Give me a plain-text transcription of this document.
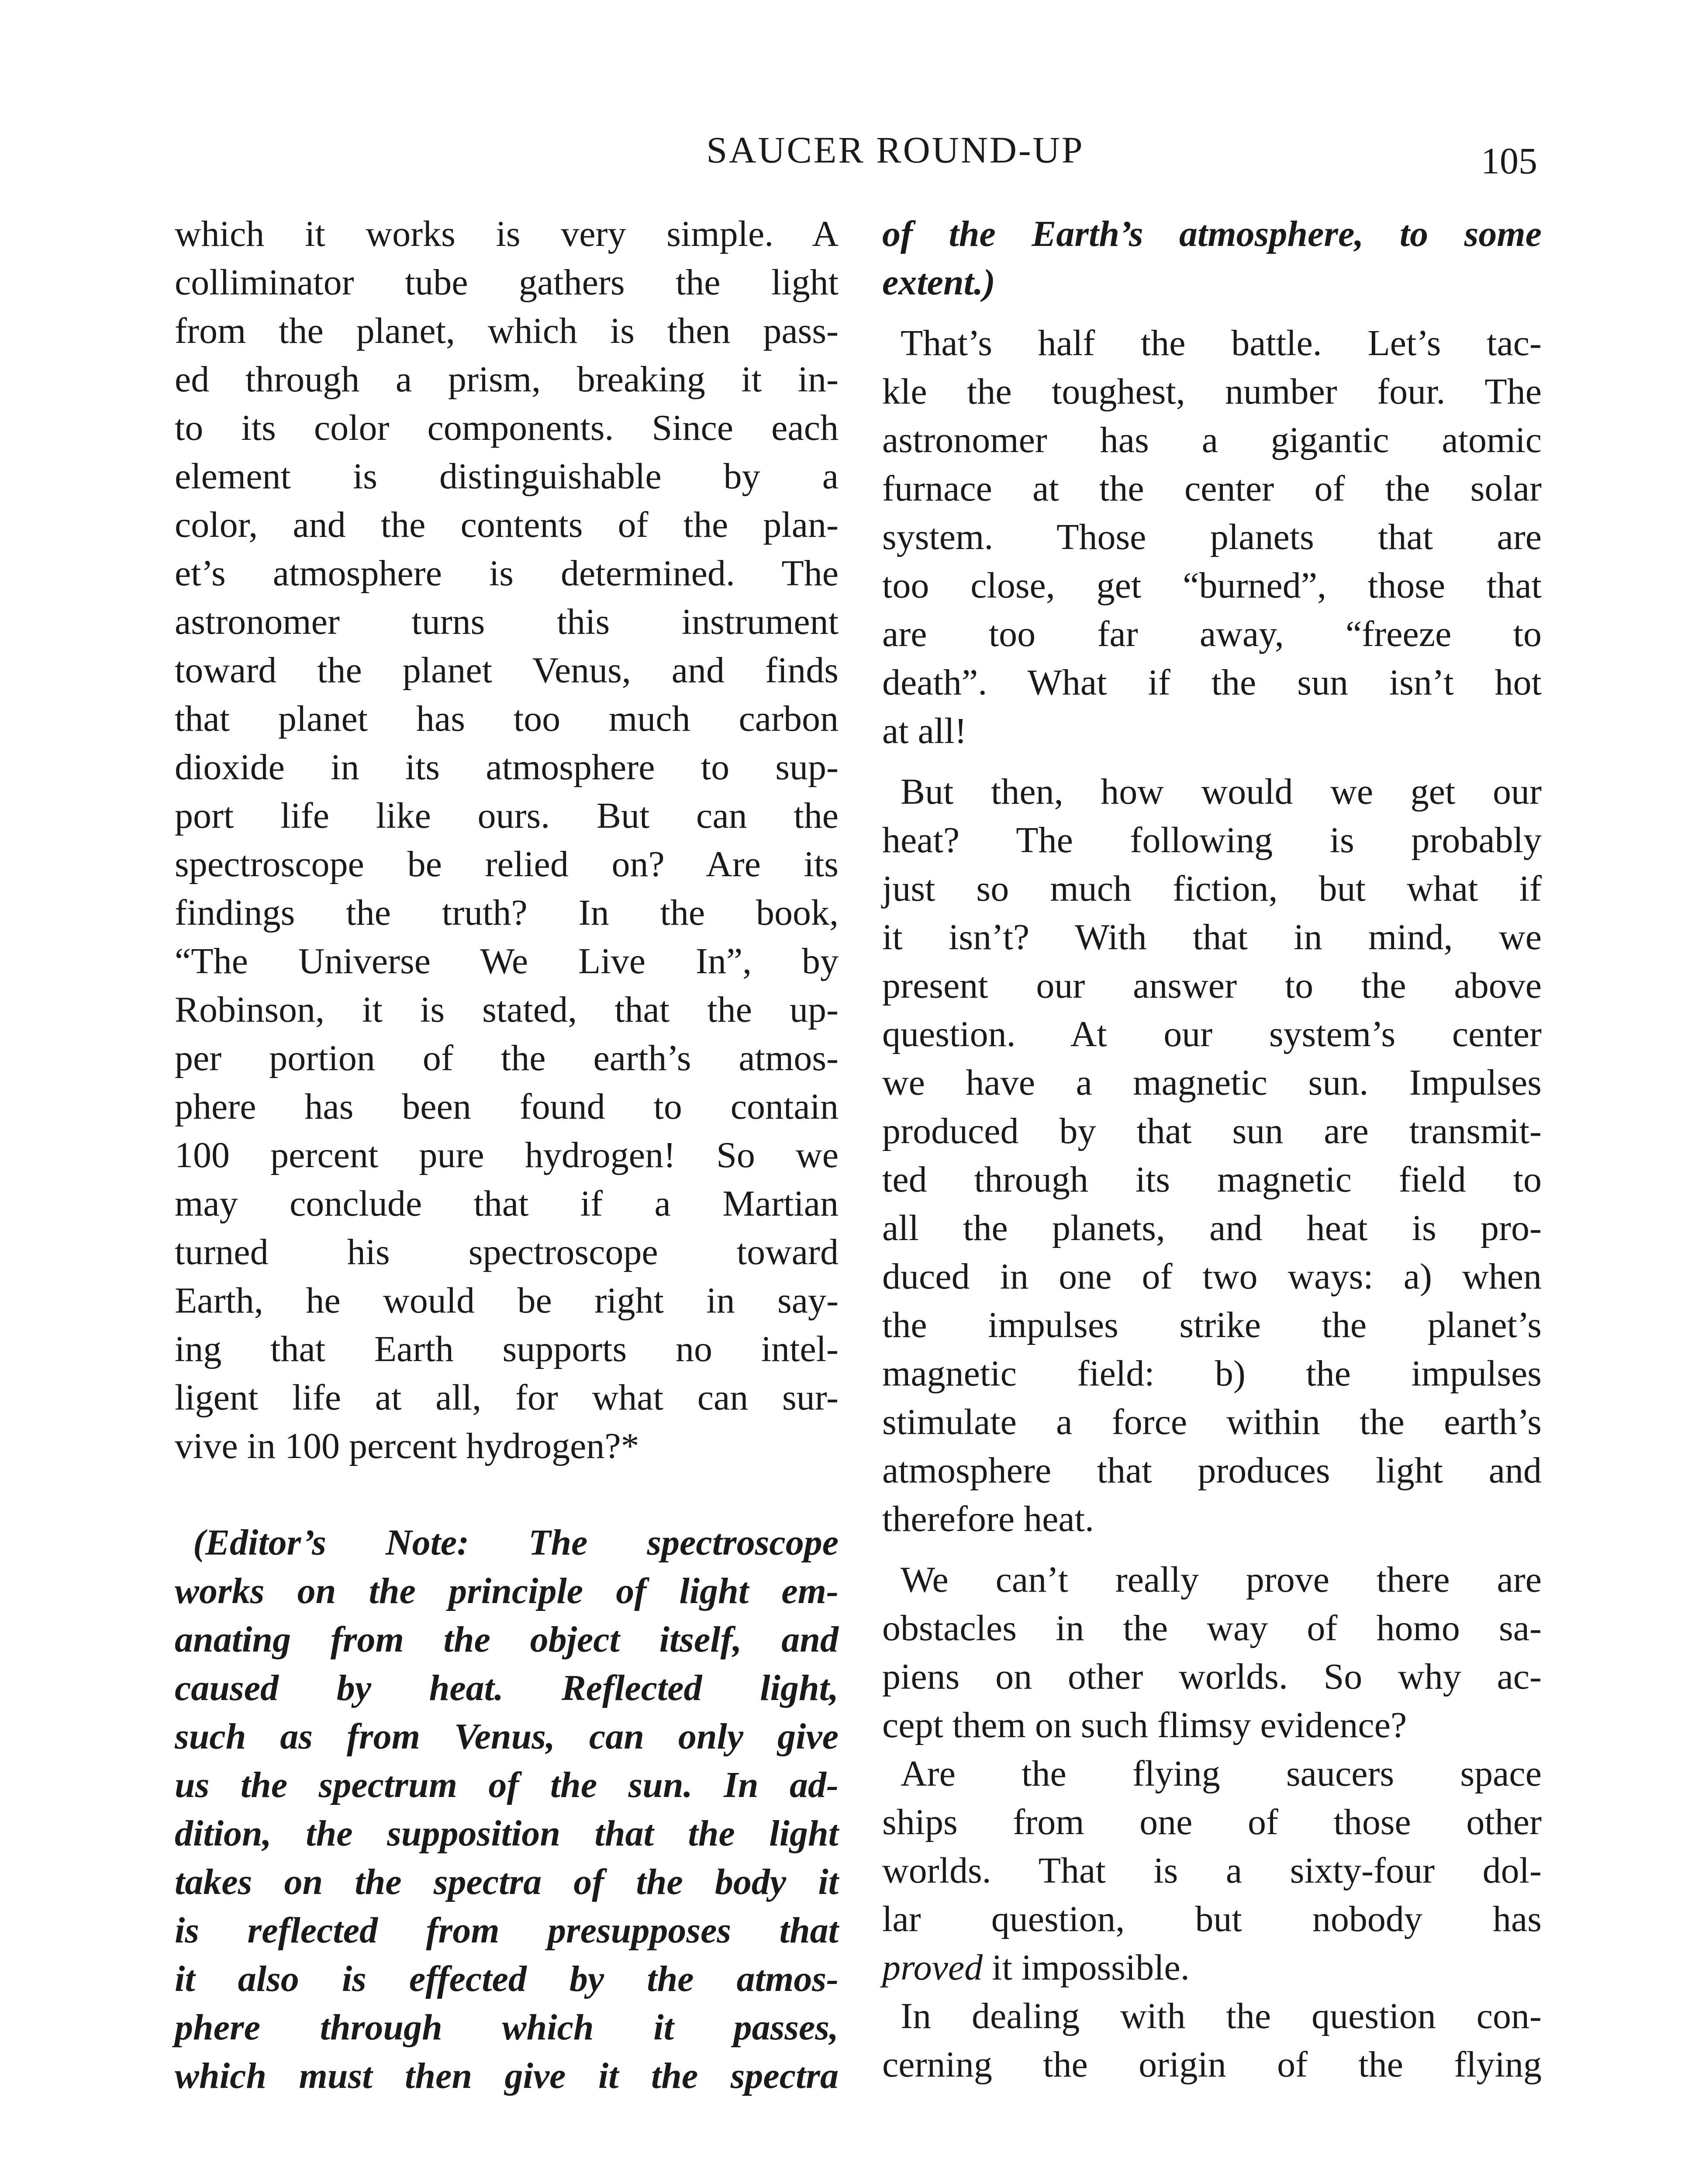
SAUCER ROUND-UP	105
which it works is very simple. A
colliminator tube gathers the light
from the planet, which is then pass-
ed through a prism, breaking it in-
to its color components. Since each
element is distinguishable by a
color, and the contents of the plan-
et’s atmosphere is determined. The
astronomer turns this instrument
toward the planet Venus, and finds
that planet has too much carbon
dioxide in its atmosphere to sup-
port life like ours. But can the
spectroscope be relied on? Are its
findings the truth? In the book,
“The Universe We Live In”, by
Robinson, it is stated, that the up-
per portion of the earth’s atmos-
phere has been found to contain
100 percent pure hydrogen! So we
may conclude that if a Martian
turned his spectroscope toward
Earth, he would be right in say-
ing that Earth supports no intel-
ligent life at all, for what can sur-
vive in 100 percent hydrogen?*
(Editor’s Note: The spectroscope
works on the principle of light em-
anating from the object itself, and
caused by heat. Reflected light,
such as from Venus, can only give
us the spectrum of the sun. In ad-
dition, the supposition that the light
takes on the spectra of the body it
is reflected from presupposes that
it also is effected by the atmos-
phere through which it passes,
which must then give it the spectra
of the Earth’s atmosphere, to some
extent.)
That’s half the battle. Let’s tac-
kle the toughest, number four. The
astronomer has a gigantic atomic
furnace at the center of the solar
system. Those planets that are
too close, get “burned”, those that
are too far away, “freeze to
death”. What if the sun isn’t hot
at all!
But then, how would we get our
heat? The following is probably
just so much fiction, but what if
it isn’t? With that in mind, we
present our answer to the above
question. At our system’s center
we have a magnetic sun. Impulses
produced by that sun are transmit-
ted through its magnetic field to
all the planets, and heat is pro-
duced in one of two ways: a) when
the impulses strike the planet’s
magnetic field: b) the impulses
stimulate a force within the earth’s
atmosphere that produces light and
therefore heat.
We can’t really prove there are
obstacles in the way of homo sa-
piens on other worlds. So why ac-
cept them on such flimsy evidence?
Are the flying saucers space
ships from one of those other
worlds. That is a sixty-four dol-
lar question, but nobody has
proved it impossible.
In dealing with the question con-
cerning the origin of the flying
